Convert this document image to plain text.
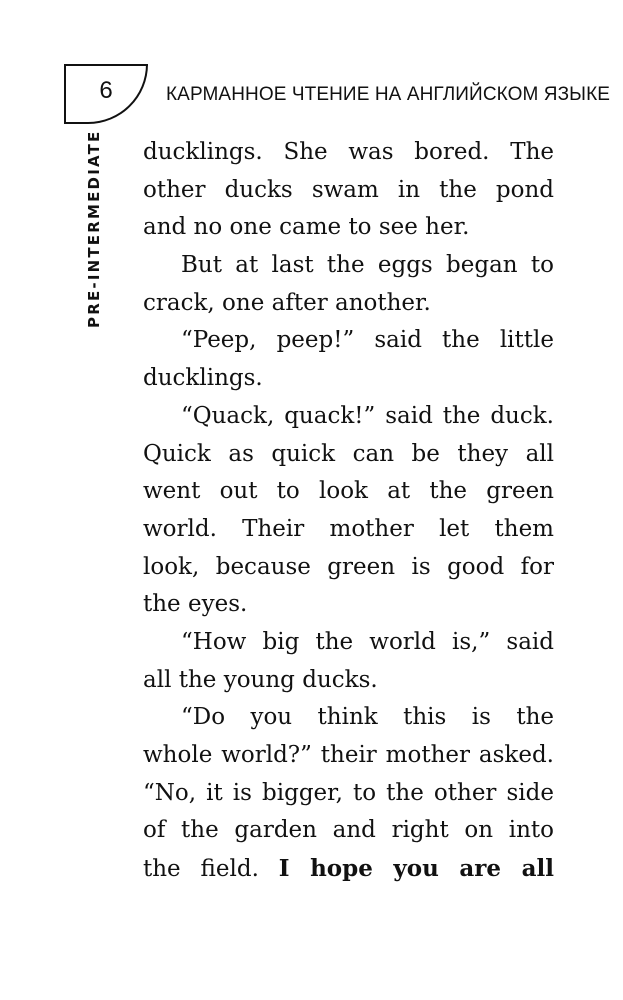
6	КАРМАННОЕ ЧТЕНИЕ НА АНГЛИЙСКОМ ЯЗЫКЕ
PRE-INTERMEDIATE ducklings. She was bored. The
other ducks swam in the pond
and no one came to see her.
But at last the eggs began to
crack, one after another.
“Peep, peep!” said the little
ducklings.
“Quack, quack!” said the duck.
Quick as quick can be they all
went out to look at the green
world. Their mother let them
look, because green is good for
the eyes.
“How big the world is,” said
all the young ducks.
“Do you think this is the
whole world?” their mother asked.
“No, it is bigger, to the other side
of the garden and right on into
the field. I hope you are all
